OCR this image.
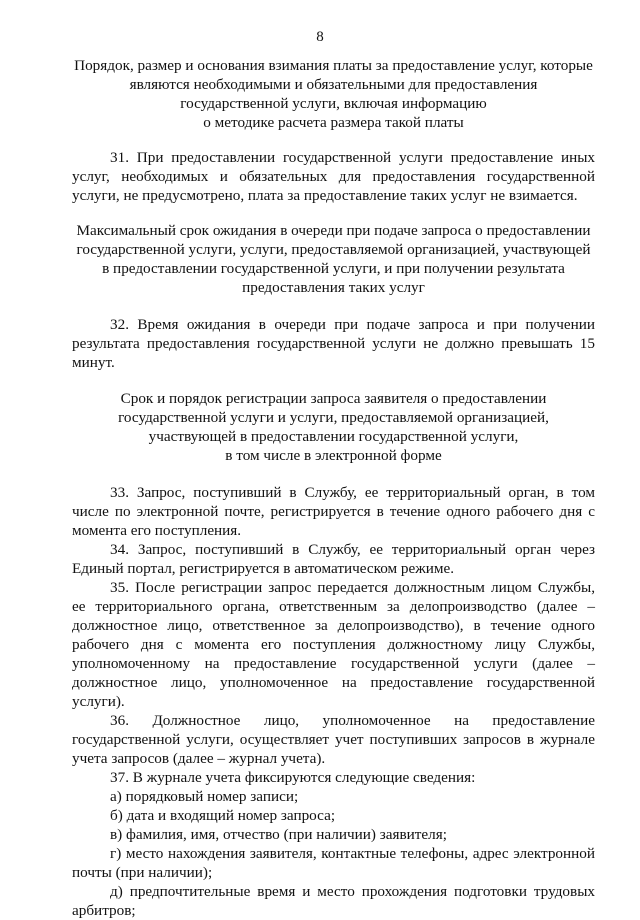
8
Порядок, размер и основания взимания платы за предоставление услуг, которые
являются необходимыми и обязательными для предоставления
государственной услуги, включая информацию
о методике расчета размера такой платы

31. При предоставлении государственной услуги предоставление иных услуг, необходимых и обязательных для предоставления государственной услуги, не предусмотрено, плата за предоставление таких услуг не взимается.

Максимальный срок ожидания в очереди при подаче запроса о предоставлении
государственной услуги, услуги, предоставляемой организацией, участвующей
в предоставлении государственной услуги, и при получении результата
предоставления таких услуг

32. Время ожидания в очереди при подаче запроса и при получении результата предоставления государственной услуги не должно превышать 15 минут.

Срок и порядок регистрации запроса заявителя о предоставлении
государственной услуги и услуги, предоставляемой организацией,
участвующей в предоставлении государственной услуги,
в том числе в электронной форме

33. Запрос, поступивший в Службу, ее территориальный орган, в том числе по электронной почте, регистрируется в течение одного рабочего дня с момента его поступления.

34. Запрос, поступивший в Службу, ее территориальный орган через Единый портал, регистрируется в автоматическом режиме.

35. После регистрации запрос передается должностным лицом Службы, ее территориального органа, ответственным за делопроизводство (далее – должностное лицо, ответственное за делопроизводство), в течение одного рабочего дня с момента его поступления должностному лицу Службы, уполномоченному на предоставление государственной услуги (далее – должностное лицо, уполномоченное на предоставление государственной услуги).

36. Должностное лицо, уполномоченное на предоставление государственной услуги, осуществляет учет поступивших запросов в журнале учета запросов (далее – журнал учета).

37. В журнале учета фиксируются следующие сведения:

а) порядковый номер записи;

б) дата и входящий номер запроса;

в) фамилия, имя, отчество (при наличии) заявителя;

г) место нахождения заявителя, контактные телефоны, адрес электронной почты (при наличии);

д) предпочтительные время и место прохождения подготовки трудовых арбитров;
